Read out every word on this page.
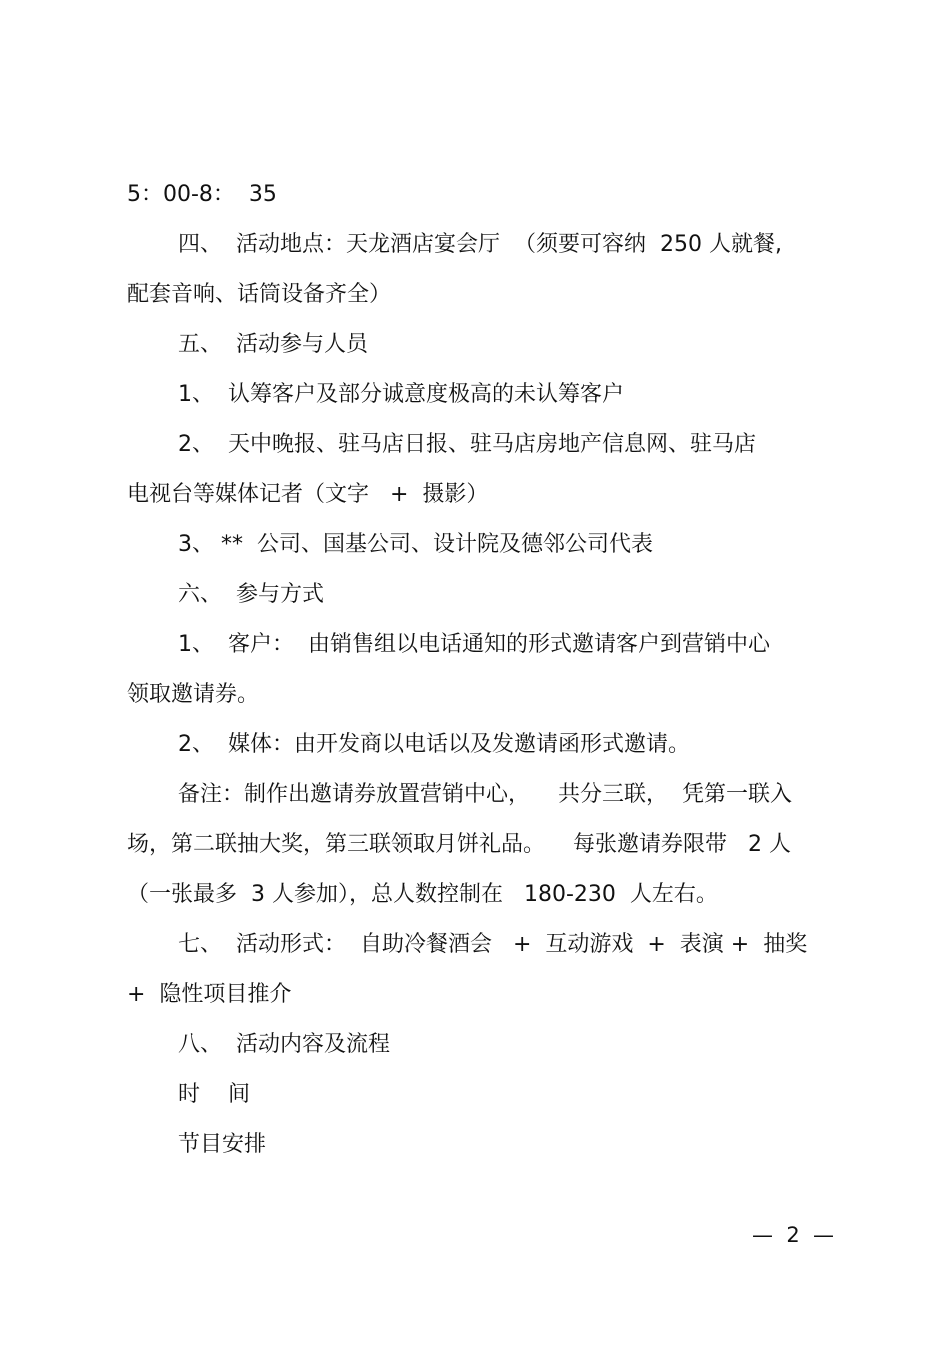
5：00-8：  35
四、  活动地点：天龙酒店宴会厅  （须要可容纳  250 人就餐,
配套音响、话筒设备齐全）
五、  活动参与人员
1、  认筹客户及部分诚意度极高的未认筹客户
2、  天中晚报、驻马店日报、驻马店房地产信息网、驻马店
电视台等媒体记者（文字   +  摄影）
3、 **  公司、国基公司、设计院及德邻公司代表
六、  参与方式
1、  客户：  由销售组以电话通知的形式邀请客户到营销中心
领取邀请券。
2、  媒体：由开发商以电话以及发邀请函形式邀请。
备注：制作出邀请券放置营销中心，    共分三联，  凭第一联入
场，第二联抽大奖，第三联领取月饼礼品。    每张邀请券限带   2 人
（一张最多  3 人参加），总人数控制在   180-230  人左右。
七、  活动形式：  自助冷餐酒会   +  互动游戏  +  表演 +  抽奖
+  隐性项目推介
八、  活动内容及流程
时    间
节目安排
—  2  —
